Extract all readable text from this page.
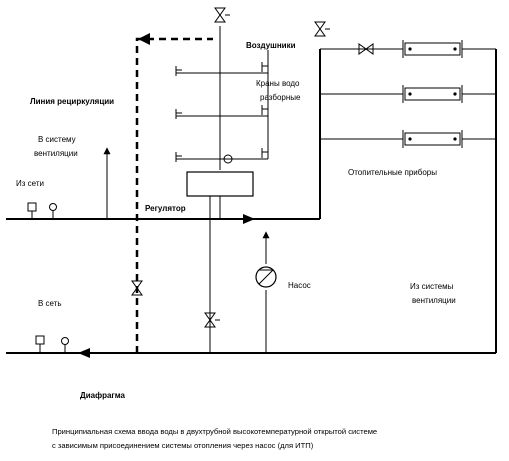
Воздушники
Краны водо
разборные
Линия рециркуляции
В систему
вентиляции
Из сети
Регулятор
Отопительные приборы
Насос
В сеть
Из системы
вентиляции
Диафрагма
Принципиальная схема ввода воды в двухтрубной высокотемпературной открытой системе
с зависимым присоединением системы отопления через насос (для ИТП)
